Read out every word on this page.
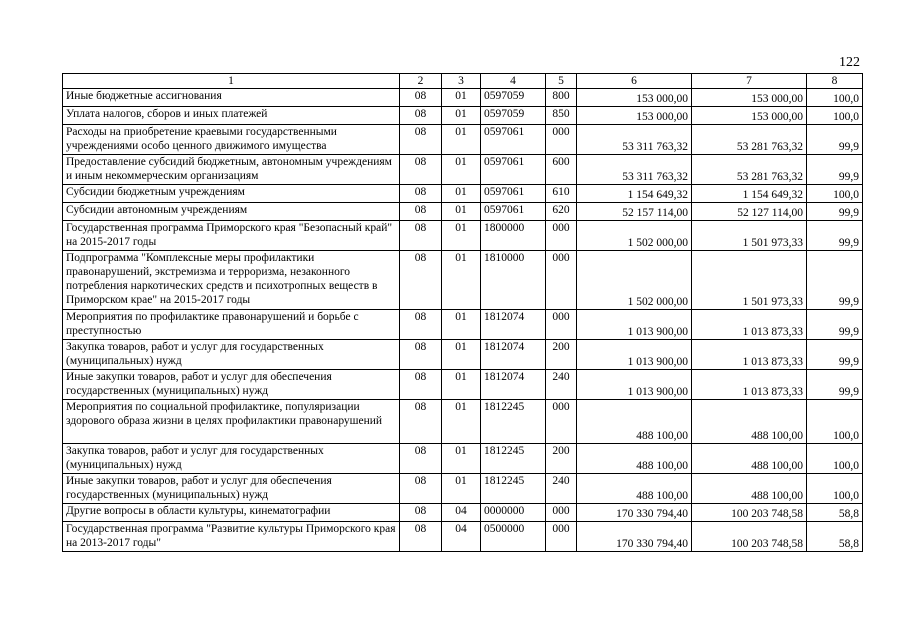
122
1	2	3	4	5	6	7	8
Иные бюджетные ассигнования	08	01	0597059	800	153 000,00	153 000,00	100,0
Уплата налогов, сборов и иных платежей	08	01	0597059	850	153 000,00	153 000,00	100,0
Расходы на приобретение краевыми государственными учреждениями особо ценного движимого имущества	08	01	0597061	000	53 311 763,32	53 281 763,32	99,9
Предоставление субсидий бюджетным, автономным учреждениям и иным некоммерческим организациям	08	01	0597061	600	53 311 763,32	53 281 763,32	99,9
Субсидии бюджетным учреждениям	08	01	0597061	610	1 154 649,32	1 154 649,32	100,0
Субсидии автономным учреждениям	08	01	0597061	620	52 157 114,00	52 127 114,00	99,9
Государственная программа Приморского края "Безопасный край" на 2015-2017 годы	08	01	1800000	000	1 502 000,00	1 501 973,33	99,9
Подпрограмма "Комплексные меры профилактики правонарушений, экстремизма и терроризма, незаконного потребления наркотических средств и психотропных веществ в Приморском крае" на 2015-2017 годы	08	01	1810000	000	1 502 000,00	1 501 973,33	99,9
Мероприятия по профилактике правонарушений и борьбе с преступностью	08	01	1812074	000	1 013 900,00	1 013 873,33	99,9
Закупка товаров, работ и услуг для государственных (муниципальных) нужд	08	01	1812074	200	1 013 900,00	1 013 873,33	99,9
Иные закупки товаров, работ и услуг для обеспечения государственных (муниципальных) нужд	08	01	1812074	240	1 013 900,00	1 013 873,33	99,9
Мероприятия по социальной профилактике, популяризации здорового образа жизни в целях профилактики правонарушений	08	01	1812245	000	488 100,00	488 100,00	100,0
Закупка товаров, работ и услуг для государственных (муниципальных) нужд	08	01	1812245	200	488 100,00	488 100,00	100,0
Иные закупки товаров, работ и услуг для обеспечения государственных (муниципальных) нужд	08	01	1812245	240	488 100,00	488 100,00	100,0
Другие вопросы в области культуры, кинематографии	08	04	0000000	000	170 330 794,40	100 203 748,58	58,8
Государственная программа "Развитие культуры Приморского края на 2013-2017 годы"	08	04	0500000	000	170 330 794,40	100 203 748,58	58,8
